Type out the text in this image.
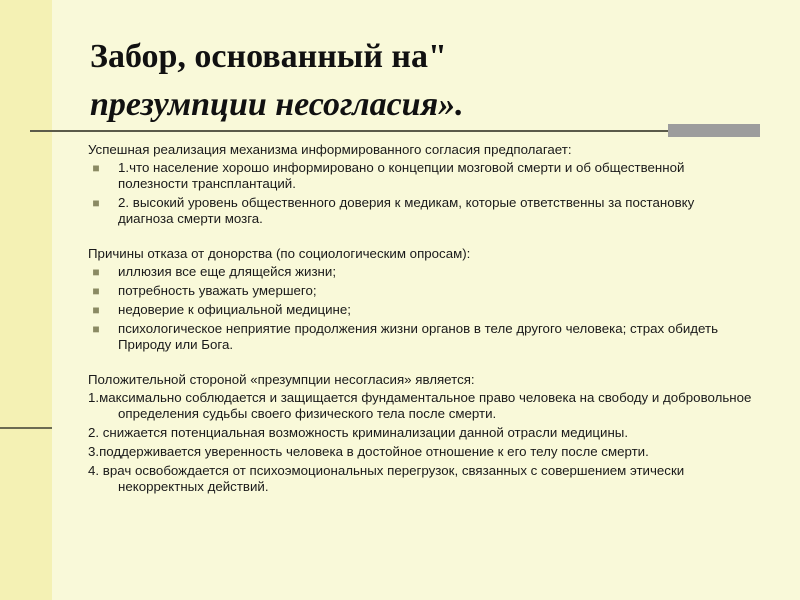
Забор, основанный на"
презумпции несогласия».
Успешная реализация механизма информированного согласия предполагает:
■	1.что население хорошо информировано о концепции мозговой смерти и об общественной полезности трансплантаций.
■	2. высокий уровень общественного доверия к медикам, которые ответственны за постановку диагноза смерти мозга.
Причины отказа от донорства (по социологическим опросам):
■	иллюзия все еще длящейся жизни;
■	потребность уважать умершего;
■	недоверие к официальной медицине;
■	психологическое неприятие продолжения жизни органов в теле другого человека; страх обидеть Природу или Бога.
Положительной стороной «презумпции несогласия» является:
1.максимально соблюдается и защищается фундаментальное право человека на свободу и добровольное определения судьбы своего физического тела после смерти.
2. снижается потенциальная возможность криминализации данной отрасли медицины.
3.поддерживается уверенность человека в достойное отношение к его телу после смерти.
4. врач освобождается от психоэмоциональных перегрузок, связанных с совершением этически некорректных действий.
